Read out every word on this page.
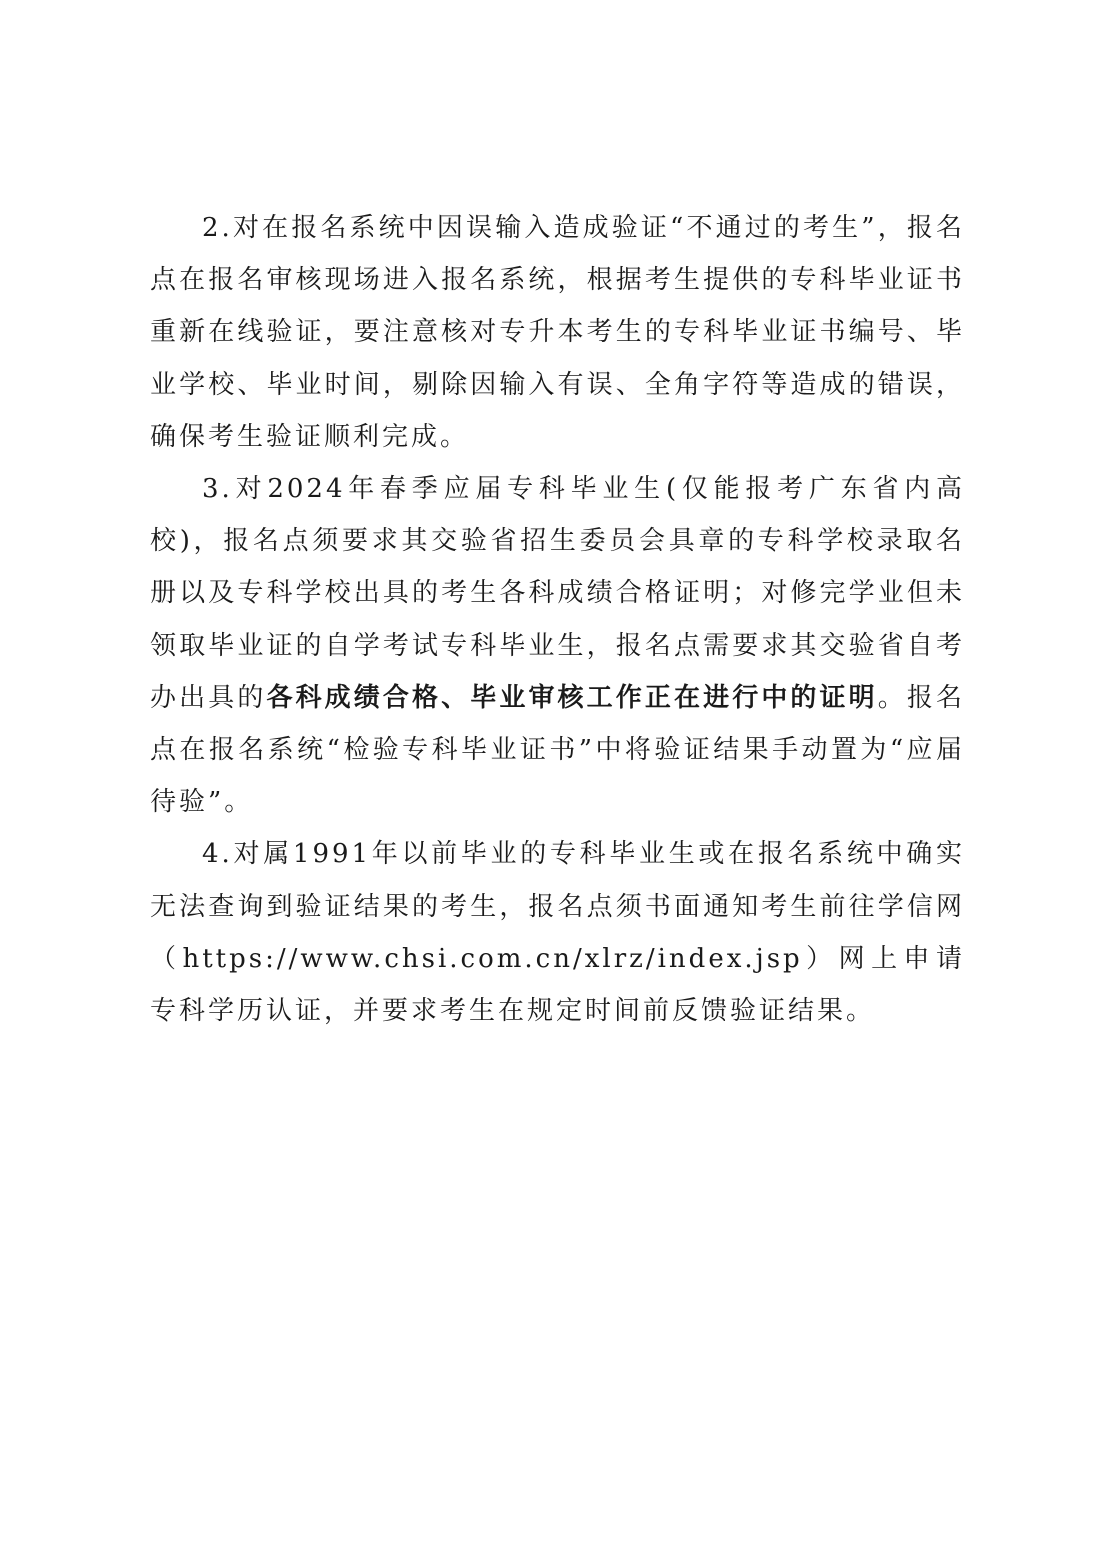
2.对在报名系统中因误输入造成验证“不通过的考生”，报名点在报名审核现场进入报名系统，根据考生提供的专科毕业证书重新在线验证，要注意核对专升本考生的专科毕业证书编号、毕业学校、毕业时间，剔除因输入有误、全角字符等造成的错误，确保考生验证顺利完成。

3.对2024年春季应届专科毕业生(仅能报考广东省内高校)，报名点须要求其交验省招生委员会具章的专科学校录取名册以及专科学校出具的考生各科成绩合格证明；对修完学业但未领取毕业证的自学考试专科毕业生，报名点需要求其交验省自考办出具的各科成绩合格、毕业审核工作正在进行中的证明。报名点在报名系统“检验专科毕业证书”中将验证结果手动置为“应届待验”。

4.对属1991年以前毕业的专科毕业生或在报名系统中确实无法查询到验证结果的考生，报名点须书面通知考生前往学信网（https://www.chsi.com.cn/xlrz/index.jsp）网上申请专科学历认证，并要求考生在规定时间前反馈验证结果。
